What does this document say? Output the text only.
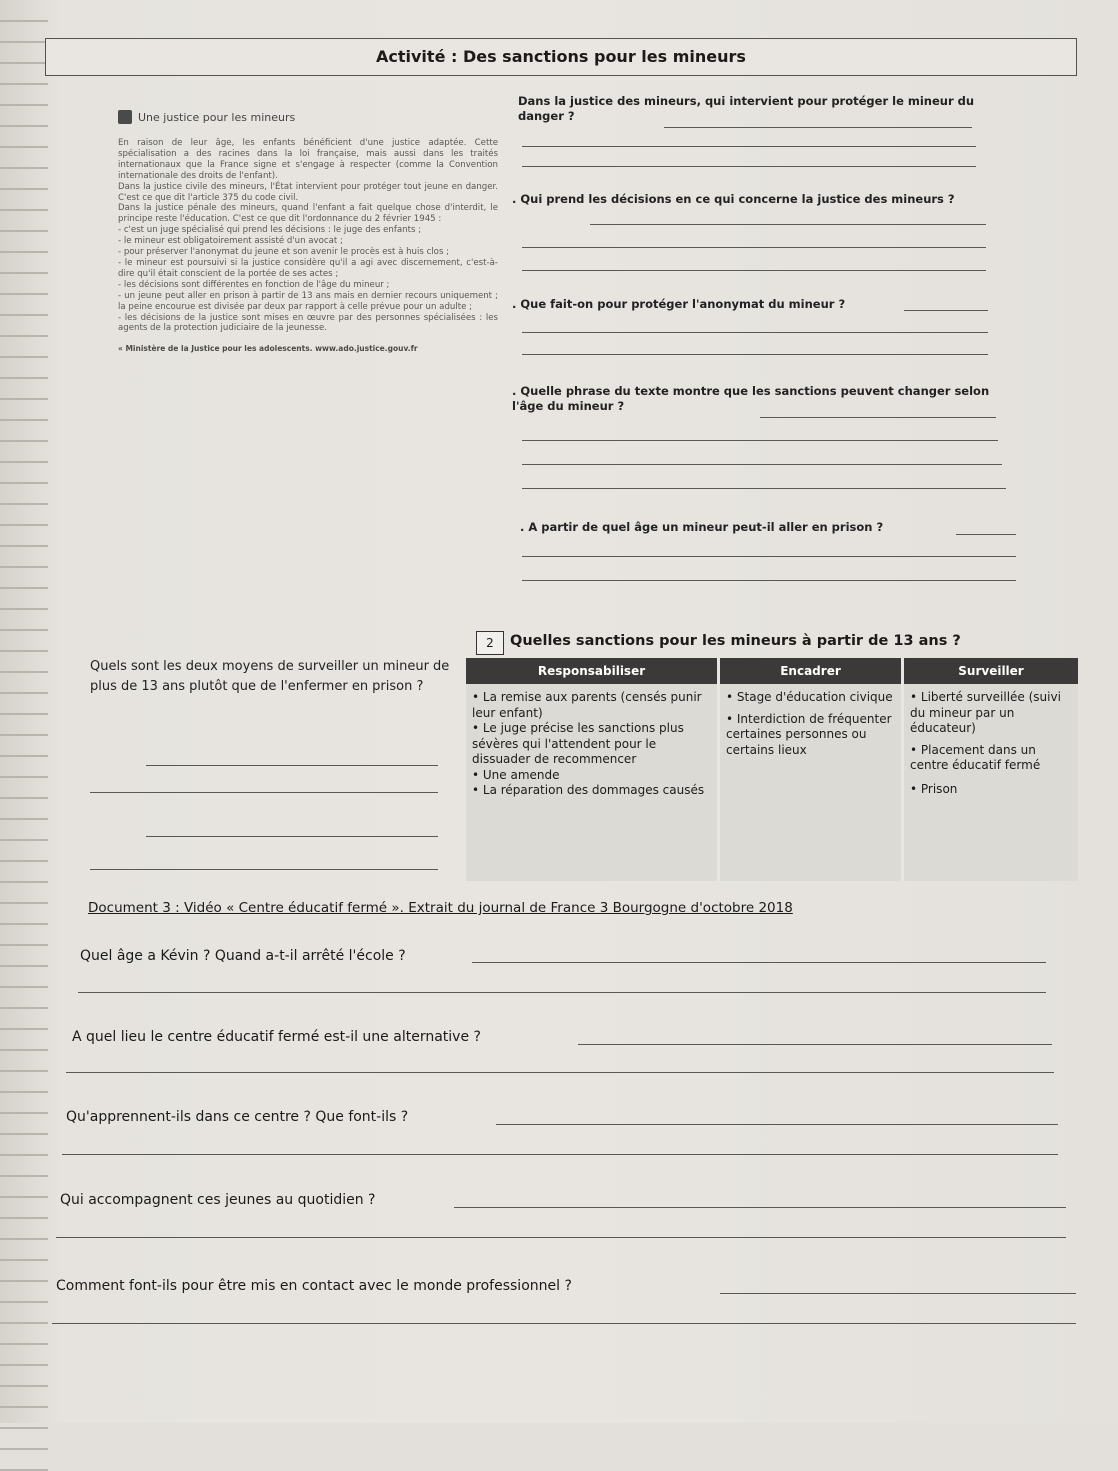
Activité : Des sanctions pour les mineurs
Une justice pour les mineurs

En raison de leur âge, les enfants bénéficient d'une justice adaptée. Cette spécialisation a des racines dans la loi française, mais aussi dans les traités internationaux que la France signe et s'engage à respecter (comme la Convention internationale des droits de l'enfant).

Dans la justice civile des mineurs, l'État intervient pour protéger tout jeune en danger. C'est ce que dit l'article 375 du code civil.

Dans la justice pénale des mineurs, quand l'enfant a fait quelque chose d'interdit, le principe reste l'éducation. C'est ce que dit l'ordonnance du 2 février 1945 :

- c'est un juge spécialisé qui prend les décisions : le juge des enfants ;

- le mineur est obligatoirement assisté d'un avocat ;

- pour préserver l'anonymat du jeune et son avenir le procès est à huis clos ;

- le mineur est poursuivi si la justice considère qu'il a agi avec discernement, c'est-à-dire qu'il était conscient de la portée de ses actes ;

- les décisions sont différentes en fonction de l'âge du mineur ;

- un jeune peut aller en prison à partir de 13 ans mais en dernier recours uniquement ; la peine encourue est divisée par deux par rapport à celle prévue pour un adulte ;

- les décisions de la justice sont mises en œuvre par des personnes spécialisées : les agents de la protection judiciaire de la jeunesse.

« Ministère de la Justice pour les adolescents. www.ado.justice.gouv.fr
Dans la justice des mineurs, qui intervient pour protéger le mineur du danger ?
. Qui prend les décisions en ce qui concerne la justice des mineurs ?
. Que fait-on pour protéger l'anonymat du mineur ?
. Quelle phrase du texte montre que les sanctions peuvent changer selon l'âge du mineur ?
. A partir de quel âge un mineur peut-il aller en prison ?
Quels sont les deux moyens de surveiller un mineur de plus de 13 ans plutôt que de l'enfermer en prison ?
2	Quelles sanctions pour les mineurs à partir de 13 ans ?
Responsabiliser
• La remise aux parents (censés punir leur enfant)
• Le juge précise les sanctions plus sévères qui l'attendent pour le dissuader de recommencer
• Une amende
• La réparation des dommages causés
Encadrer
• Stage d'éducation civique
• Interdiction de fréquenter certaines personnes ou certains lieux
Surveiller
• Liberté surveillée (suivi du mineur par un éducateur)
• Placement dans un centre éducatif fermé
• Prison
Document 3 : Vidéo « Centre éducatif fermé ». Extrait du journal de France 3 Bourgogne d'octobre 2018
Quel âge a Kévin ? Quand a-t-il arrêté l'école ?
A quel lieu le centre éducatif fermé est-il une alternative ?
Qu'apprennent-ils dans ce centre ? Que font-ils ?
Qui accompagnent ces jeunes au quotidien ?
Comment font-ils pour être mis en contact avec le monde professionnel ?
